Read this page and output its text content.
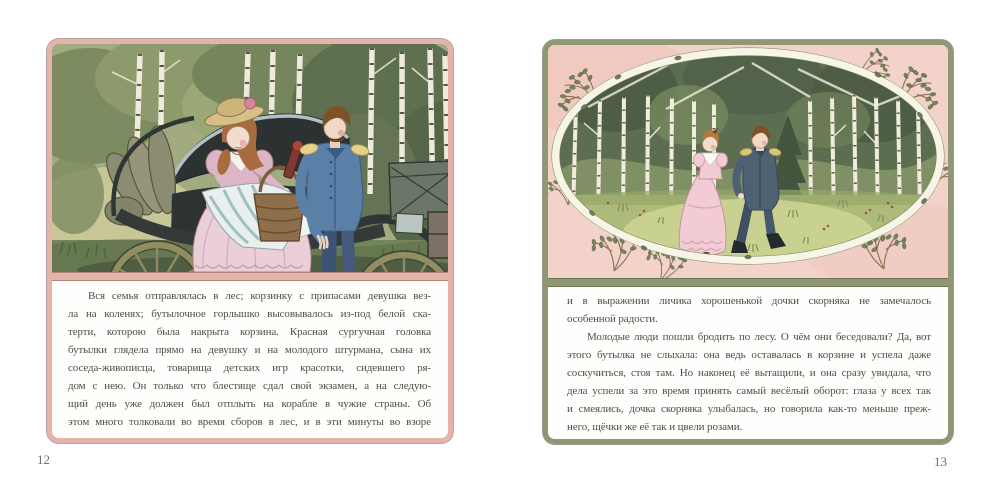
Вся семья отправлялась в лес; корзинку с припасами девушка вез-
ла на коленях; бутылочное горлышко высовывалось из-под белой ска-
терти, которою была накрыта корзина. Красная сургучная головка
бутылки глядела прямо на девушку и на молодого штурмана, сына их
соседа-живописца, товарища детских игр красотки, сидевшего ря-
дом с нею. Он только что блестяще сдал свой экзамен, а на следую-
щий день уже должен был отплыть на корабле в чужие страны. Об
этом много толковали во время сборов в лес, и в эти минуты во взоре
и в выражении личика хорошенькой дочки скорняка не замечалось
особенной радости.
Молодые люди пошли бродить по лесу. О чём они беседовали? Да, вот
этого бутылка не слыхала: она ведь оставалась в корзине и успела даже
соскучиться, стоя там. Но наконец её вытащили, и она сразу увидала, что
дела успели за это время принять самый весёлый оборот: глаза у всех так
и смеялись, дочка скорняка улыбалась, но говорила как-то меньше преж-
него, щёчки же её так и цвели розами.
12	13
